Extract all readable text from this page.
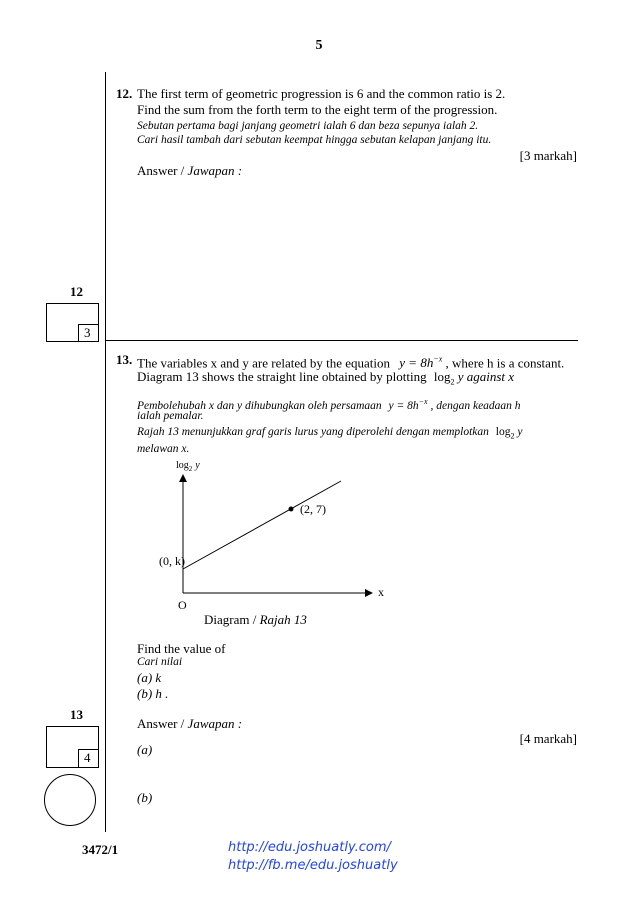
5
12. The first term of geometric progression is 6 and the common ratio is 2.
Find the sum from the forth term to the eight term of the progression.
Sebutan pertama bagi janjang geometri ialah 6 dan beza sepunya ialah 2.
Cari hasil tambah dari sebutan keempat hingga sebutan kelapan janjang itu.
[3 markah]
Answer / Jawapan :
12
3
13. The variables x and y are related by the equation $y = 8h^{-x}$ , where h is a constant.
Diagram 13 shows the straight line obtained by plotting $\log_2 y$ against x
Pembolehubah x dan y dihubungkan oleh persamaan $y = 8h^{-x}$ , dengan keadaan h
ialah pemalar.
Rajah 13 menunjukkan graf garis lurus yang diperolehi dengan memplotkan $\log_2 y$
melawan x.
$\log_2 y$
x
O
(2, 7)
(0, k)
Diagram / Rajah 13
Find the value of
Cari nilai
(a) k
(b) h .
Answer / Jawapan :
[4 markah]
(a)
(b)
13
4
3472/1	http://edu.joshuatly.com/
http://fb.me/edu.joshuatly
